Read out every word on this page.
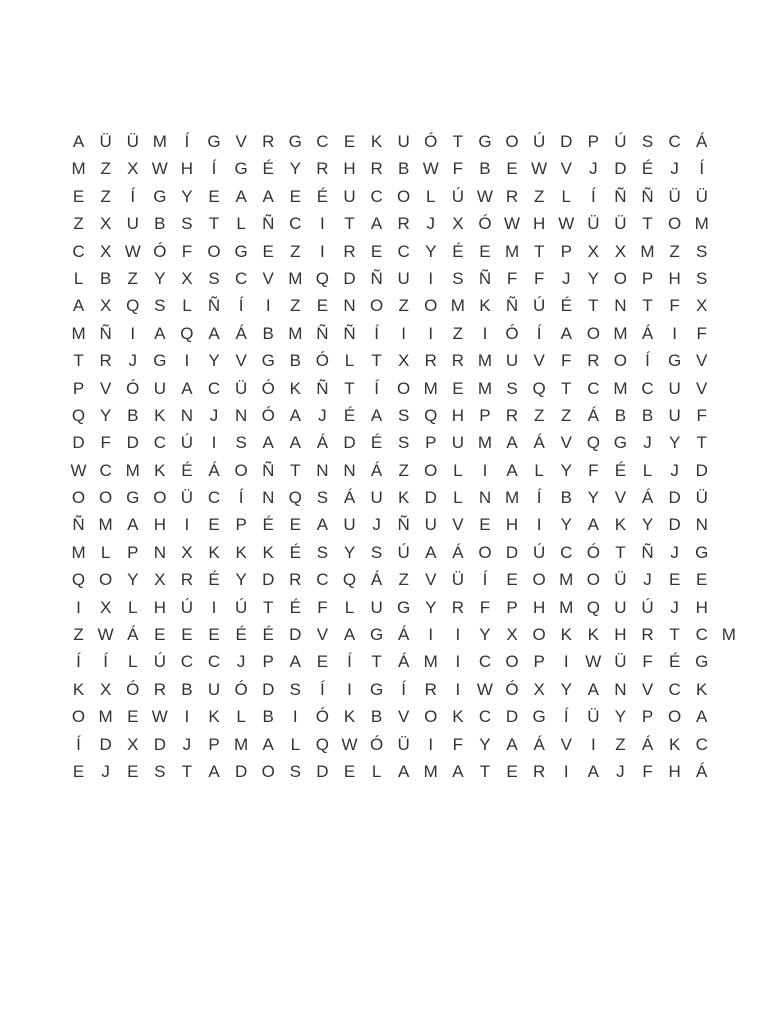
A Ü Ü M	Í	G V R G C E K U Ó T G O Ú D P Ú S C Á
M Z X W H	Í	G É Y R H R B W F B E W V	J D É	J	Í
E Z	Í	G Y E A A E É U C O L Ú W R Z	L	Í	Ñ Ñ Ü Ü
Z X U B S T	L Ñ C	I	T A R J	X Ó W H W Ü Ü T O M
C X W Ó F O G E Z	I	R E C Y É E M T P X X M Z S
L B Z Y X S C V M Q D Ñ U	I	S Ñ F F	J	Y O P H S
A X Q S L Ñ	Í	I	Z E N O Z O M K Ñ Ú É T N T F X
M Ñ	I	A Q A Á B M Ñ Ñ	Í	I	I	Z	I	Ó	Í	A O M Á	I	F
T R J G	I	Y V G B Ó L	T X R R M U V F R O	Í	G V
P V Ó U A C Ü Ó K Ñ T	Í	O M E M S Q T C M C U V
Q Y B K N J N Ó A	J	É A S Q H P R Z Z Á B B U F
D F D C Ú	I	S A A Á D É S P U M A Á V Q G J	Y T
W C M K É Á O Ñ T N N Á Z O L	I	A L Y F É L	J D
O O G O Ü C	Í	N Q S Á U K D L N M	Í	B Y V Á D Ü
Ñ M A H	I	E P É E A U J Ñ U V E H	I	Y A K Y D N
M L P N X K K K É S Y S Ú A Á O D Ú C Ó T Ñ J G
Q O Y X R É Y D R C Q Á Z V Ü	Í	E O M O Ü J	E E
I	X L H Ú	I	Ú T É F	L U G Y R F P H M Q U Ú J H
Z W Á E E E É É D V A G Á	I	I	Y X O K K H R T C M
Í	Í	L Ú C C J	P A E	Í	T Á M	I	C O P	I W Ü F É G
K X Ó R B U Ó D S	Í	I	G	Í	R	I W Ó X Y A N V C K
O M E W I	K L B	I	Ó K B V O K C D G	Í	Ü Y P O A
Í	D X D J	P M A L Q W Ó Ü	I	F Y A Á V	I	Z Á K C
E	J	E S T A D O S D E L A M A T E R	I	A	J	F H Á
